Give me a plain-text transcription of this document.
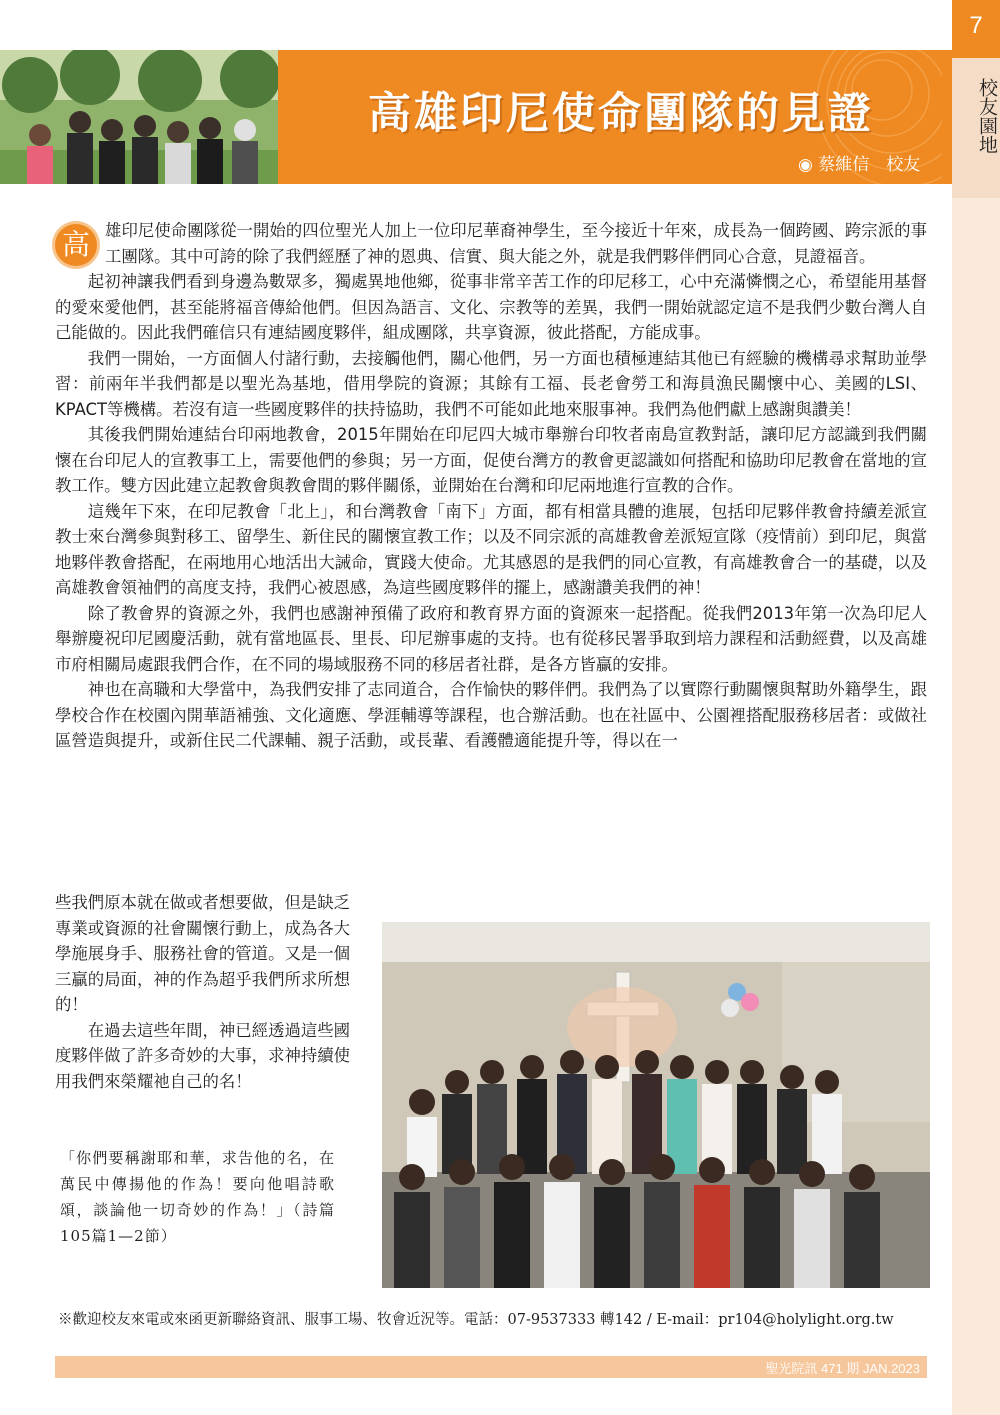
高雄印尼使命團隊的見證
◉ 蔡維信　校友
7
校友園地

高 雄印尼使命團隊從一開始的四位聖光人加上一位印尼華裔神學生，至今接近十年來，成長為一個跨國、跨宗派的事工團隊。其中可誇的除了我們經歷了神的恩典、信實、與大能之外，就是我們夥伴們同心合意，見證福音。

起初神讓我們看到身邊為數眾多，獨處異地他鄉，從事非常辛苦工作的印尼移工，心中充滿憐憫之心，希望能用基督的愛來愛他們，甚至能將福音傳給他們。但因為語言、文化、宗教等的差異，我們一開始就認定這不是我們少數台灣人自己能做的。因此我們確信只有連結國度夥伴，組成團隊，共享資源，彼此搭配，方能成事。

我們一開始，一方面個人付諸行動，去接觸他們，關心他們，另一方面也積極連結其他已有經驗的機構尋求幫助並學習：前兩年半我們都是以聖光為基地，借用學院的資源；其餘有工福、長老會勞工和海員漁民關懷中心、美國的LSI、 KPACT等機構。若沒有這一些國度夥伴的扶持協助，我們不可能如此地來服事神。我們為他們獻上感謝與讚美！

其後我們開始連結台印兩地教會，2015年開始在印尼四大城市舉辦台印牧者南島宣教對話，讓印尼方認識到我們關懷在台印尼人的宣教事工上，需要他們的參與；另一方面，促使台灣方的教會更認識如何搭配和協助印尼教會在當地的宣教工作。雙方因此建立起教會與教會間的夥伴關係，並開始在台灣和印尼兩地進行宣教的合作。

這幾年下來，在印尼教會「北上」，和台灣教會「南下」方面，都有相當具體的進展，包括印尼夥伴教會持續差派宣教士來台灣參與對移工、留學生、新住民的關懷宣教工作；以及不同宗派的高雄教會差派短宣隊（疫情前）到印尼，與當地夥伴教會搭配，在兩地用心地活出大誡命，實踐大使命。尤其感恩的是我們的同心宣教，有高雄教會合一的基礎，以及高雄教會領袖們的高度支持，我們心被恩感，為這些國度夥伴的擺上，感謝讚美我們的神！

除了教會界的資源之外，我們也感謝神預備了政府和教育界方面的資源來一起搭配。從我們2013年第一次為印尼人舉辦慶祝印尼國慶活動，就有當地區長、里長、印尼辦事處的支持。也有從移民署爭取到培力課程和活動經費，以及高雄市府相關局處跟我們合作，在不同的場域服務不同的移居者社群，是各方皆贏的安排。

神也在高職和大學當中，為我們安排了志同道合，合作愉快的夥伴們。我們為了以實際行動關懷與幫助外籍學生，跟學校合作在校園內開華語補強、文化適應、學涯輔導等課程，也合辦活動。也在社區中、公園裡搭配服務移居者：或做社區營造與提升，或新住民二代課輔、親子活動，或長輩、看護體適能提升等，得以在一

些我們原本就在做或者想要做，但是缺乏專業或資源的社會關懷行動上，成為各大學施展身手、服務社會的管道。又是一個三贏的局面，神的作為超乎我們所求所想的！

在過去這些年間，神已經透過這些國度夥伴做了許多奇妙的大事，求神持續使用我們來榮耀祂自己的名！

「你們要稱謝耶和華，求告他的名，在萬民中傳揚他的作為！要向他唱詩歌頌，談論他一切奇妙的作為！」（詩篇105篇1—2節）
※歡迎校友來電或來函更新聯絡資訊、服事工場、牧會近況等。電話：07-9537333 轉142 / E-mail：pr104@holylight.org.tw
聖光院訊 471 期 JAN.2023
